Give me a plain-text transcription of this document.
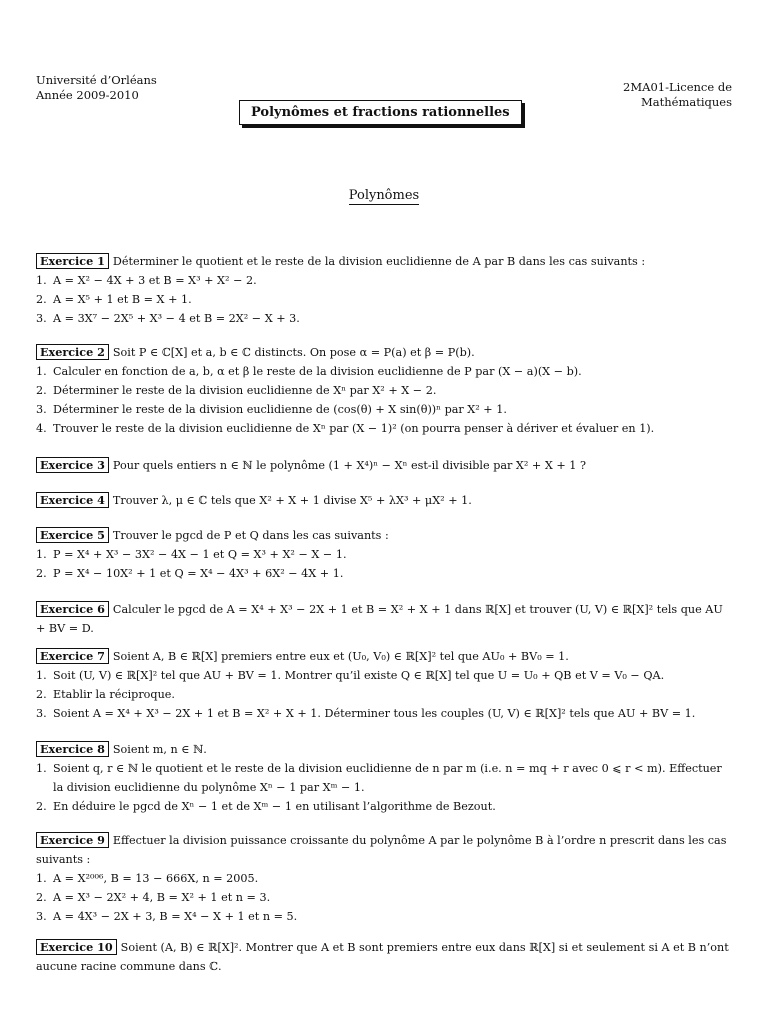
Université d’Orléans
Année 2009-2010
2MA01-Licence de
Mathématiques
Polynômes et fractions rationnelles
Polynômes
Exercice 1 Déterminer le quotient et le reste de la division euclidienne de A par B dans les cas suivants :
1. A = X² − 4X + 3 et B = X³ + X² − 2.
2. A = X⁵ + 1 et B = X + 1.
3. A = 3X⁷ − 2X⁵ + X³ − 4 et B = 2X² − X + 3.
Exercice 2 Soit P ∈ ℂ[X] et a, b ∈ ℂ distincts. On pose α = P(a) et β = P(b).
1. Calculer en fonction de a, b, α et β le reste de la division euclidienne de P par (X − a)(X − b).
2. Déterminer le reste de la division euclidienne de Xⁿ par X² + X − 2.
3. Déterminer le reste de la division euclidienne de (cos(θ) + X sin(θ))ⁿ par X² + 1.
4. Trouver le reste de la division euclidienne de Xⁿ par (X − 1)² (on pourra penser à dériver et évaluer en 1).
Exercice 3 Pour quels entiers n ∈ ℕ le polynôme (1 + X⁴)ⁿ − Xⁿ est-il divisible par X² + X + 1 ?
Exercice 4 Trouver λ, μ ∈ ℂ tels que X² + X + 1 divise X⁵ + λX³ + μX² + 1.
Exercice 5 Trouver le pgcd de P et Q dans les cas suivants :
1. P = X⁴ + X³ − 3X² − 4X − 1 et Q = X³ + X² − X − 1.
2. P = X⁴ − 10X² + 1 et Q = X⁴ − 4X³ + 6X² − 4X + 1.
Exercice 6 Calculer le pgcd de A = X⁴ + X³ − 2X + 1 et B = X² + X + 1 dans ℝ[X] et trouver (U, V) ∈ ℝ[X]² tels que AU + BV = D.
Exercice 7 Soient A, B ∈ ℝ[X] premiers entre eux et (U₀, V₀) ∈ ℝ[X]² tel que AU₀ + BV₀ = 1.
1. Soit (U, V) ∈ ℝ[X]² tel que AU + BV = 1. Montrer qu’il existe Q ∈ ℝ[X] tel que U = U₀ + QB et V = V₀ − QA.
2. Etablir la réciproque.
3. Soient A = X⁴ + X³ − 2X + 1 et B = X² + X + 1. Déterminer tous les couples (U, V) ∈ ℝ[X]² tels que AU + BV = 1.
Exercice 8 Soient m, n ∈ ℕ.
1. Soient q, r ∈ ℕ le quotient et le reste de la division euclidienne de n par m (i.e. n = mq + r avec 0 ⩽ r < m). Effectuer la division euclidienne du polynôme Xⁿ − 1 par Xᵐ − 1.
2. En déduire le pgcd de Xⁿ − 1 et de Xᵐ − 1 en utilisant l’algorithme de Bezout.
Exercice 9 Effectuer la division puissance croissante du polynôme A par le polynôme B à l’ordre n prescrit dans les cas suivants :
1. A = X²⁰⁰⁶, B = 13 − 666X, n = 2005.
2. A = X³ − 2X² + 4, B = X² + 1 et n = 3.
3. A = 4X³ − 2X + 3, B = X⁴ − X + 1 et n = 5.
Exercice 10 Soient (A, B) ∈ ℝ[X]². Montrer que A et B sont premiers entre eux dans ℝ[X] si et seulement si A et B n’ont aucune racine commune dans ℂ.
